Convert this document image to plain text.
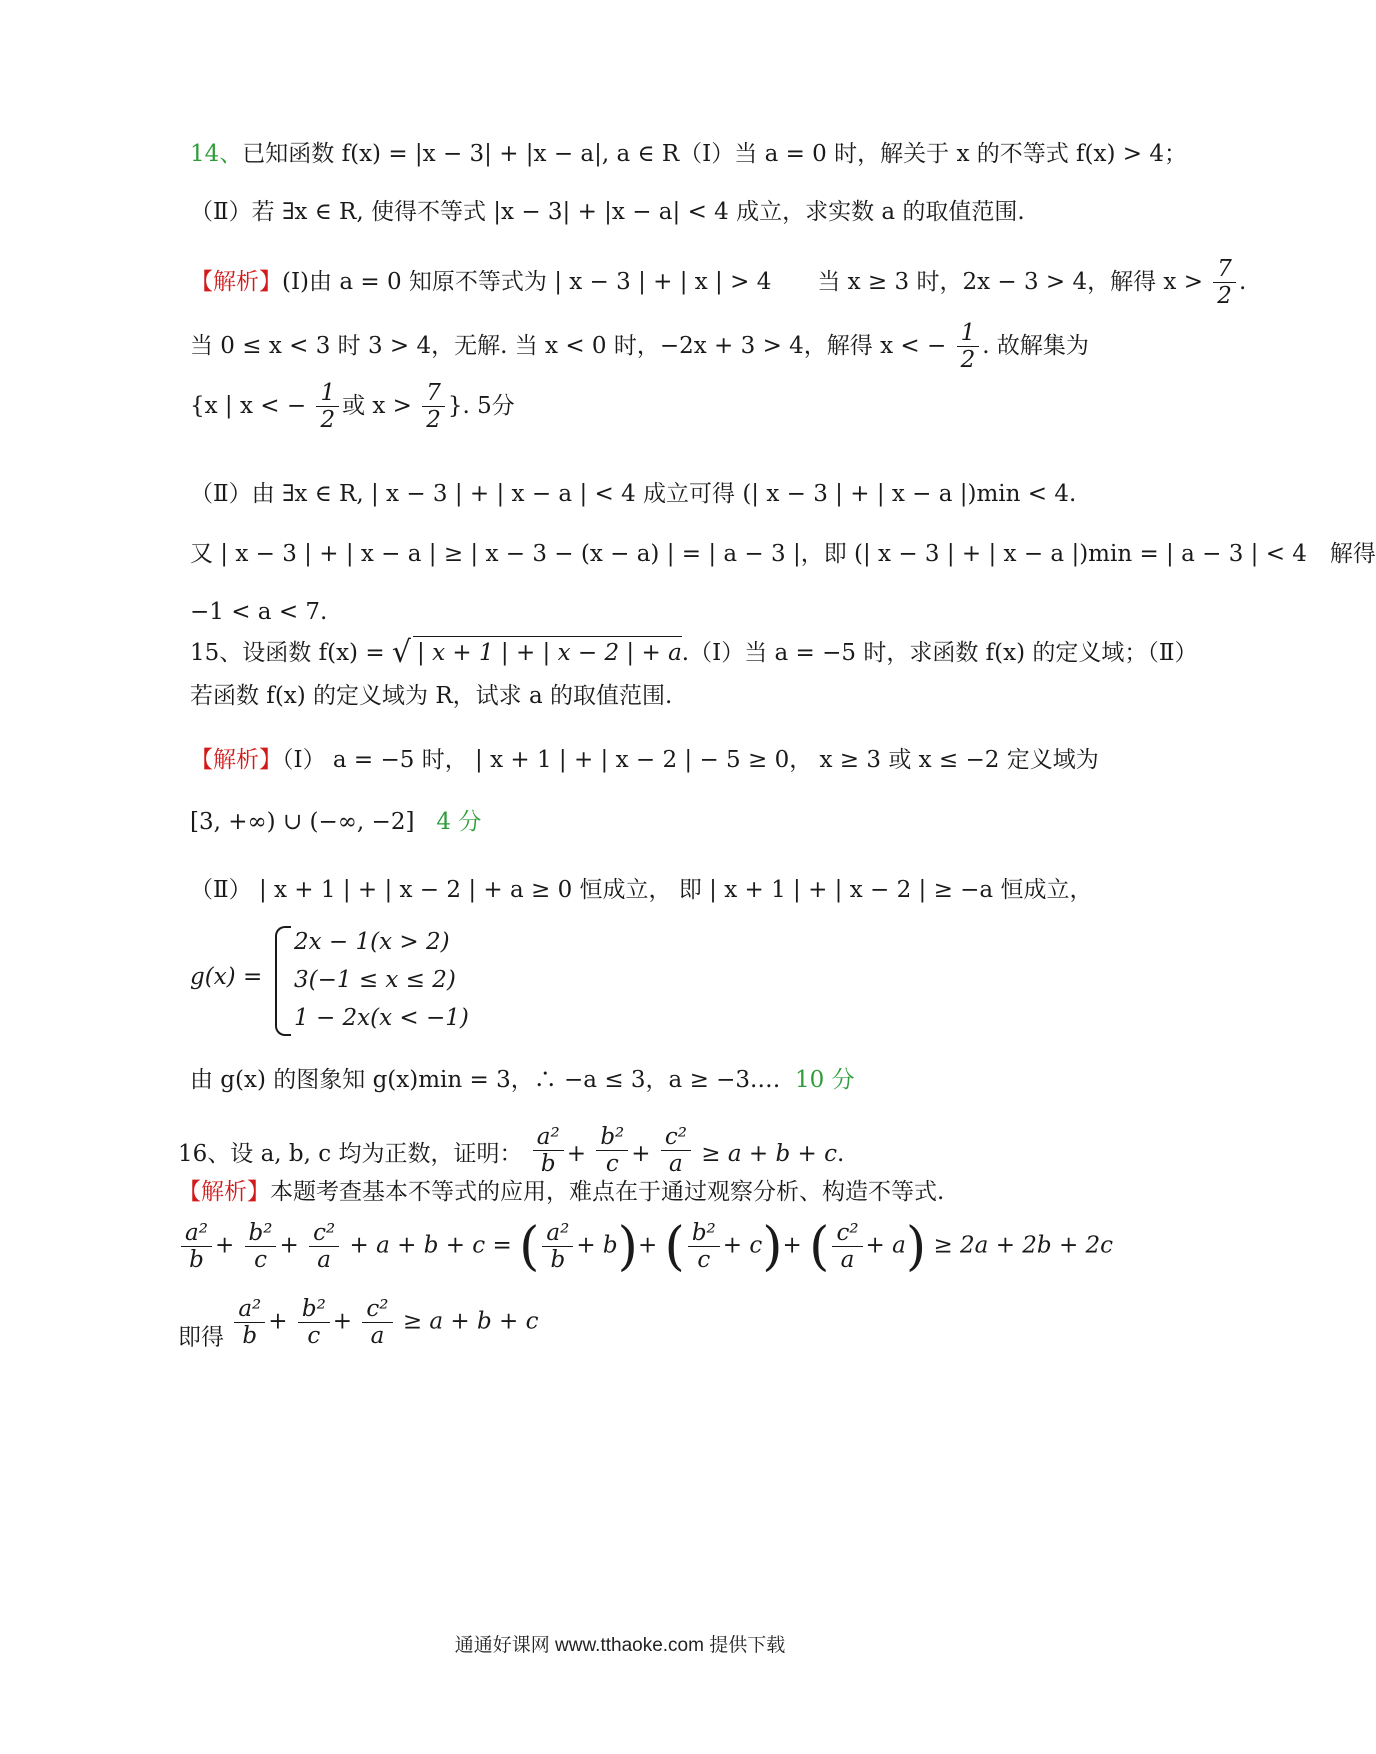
14、已知函数 f(x) = |x − 3| + |x − a|, a ∈ R（Ⅰ）当 a = 0 时，解关于 x 的不等式 f(x) > 4；
（Ⅱ）若 ∃x ∈ R, 使得不等式 |x − 3| + |x − a| < 4 成立，求实数 a 的取值范围.
【解析】(Ⅰ)由 a = 0 知原不等式为 | x − 3 | + | x | > 4　　当 x ≥ 3 时，2x − 3 > 4，解得 $x > \frac{7}{2}$ .
当 0 ≤ x < 3 时 3 > 4，无解. 当 x < 0 时，−2x + 3 > 4，解得 x < − $\frac{1}{2}$ . 故解集为
{x | x < − $\frac{1}{2}$ 或 $x > \frac{7}{2}$ }. 5分
（Ⅱ）由 ∃x ∈ R, | x − 3 | + | x − a | < 4 成立可得 (| x − 3 | + | x − a |)min < 4.
又 | x − 3 | + | x − a | ≥ | x − 3 − (x − a) | = | a − 3 |，即 (| x − 3 | + | x − a |)min = | a − 3 | < 4　解得
−1 < a < 7.
15、设函数 f(x) = √ | x + 1 | + | x − 2 | + a.（Ⅰ）当 a = −5 时，求函数 f(x) 的定义域；（Ⅱ）
若函数 f(x) 的定义域为 R，试求 a 的取值范围.
【解析】（Ⅰ） a = −5 时， | x + 1 | + | x − 2 | − 5 ≥ 0， x ≥ 3 或 x ≤ −2 定义域为
[3, +∞) ∪ (−∞, −2] 4 分
（Ⅱ） | x + 1 | + | x − 2 | + a ≥ 0 恒成立， 即 | x + 1 | + | x − 2 | ≥ −a 恒成立，
g(x) =
2x − 1(x > 2)
3(−1 ≤ x ≤ 2)
1 − 2x(x < −1)
由 g(x) 的图象知 g(x)min = 3，∴ −a ≤ 3，a ≥ −3.… 10 分
16、设 a, b, c 均为正数，证明： $\frac{\text{a²}}{b} + \frac{\text{b²}}{c} + \frac{\text{c²}}{a} \ge a + b + c$.
【解析】本题考查基本不等式的应用，难点在于通过观察分析、构造不等式.
$\frac{\text{a²}}{b} + \frac{\text{b²}}{c} + \frac{\text{c²}}{a} + a + b + c$ = ( $\frac{\text{a²}}{b} + b)+$ ( $\frac{\text{b²}}{c} + c)+$ ( $\frac{\text{c²}}{a} + a) \ge 2a + 2b + 2c$
即得 $\frac{\text{a²}}{b} + \frac{\text{b²}}{c} + \frac{\text{c²}}{a} \ge a + b + c$
通通好课网 www.tthaoke.com 提供下载
